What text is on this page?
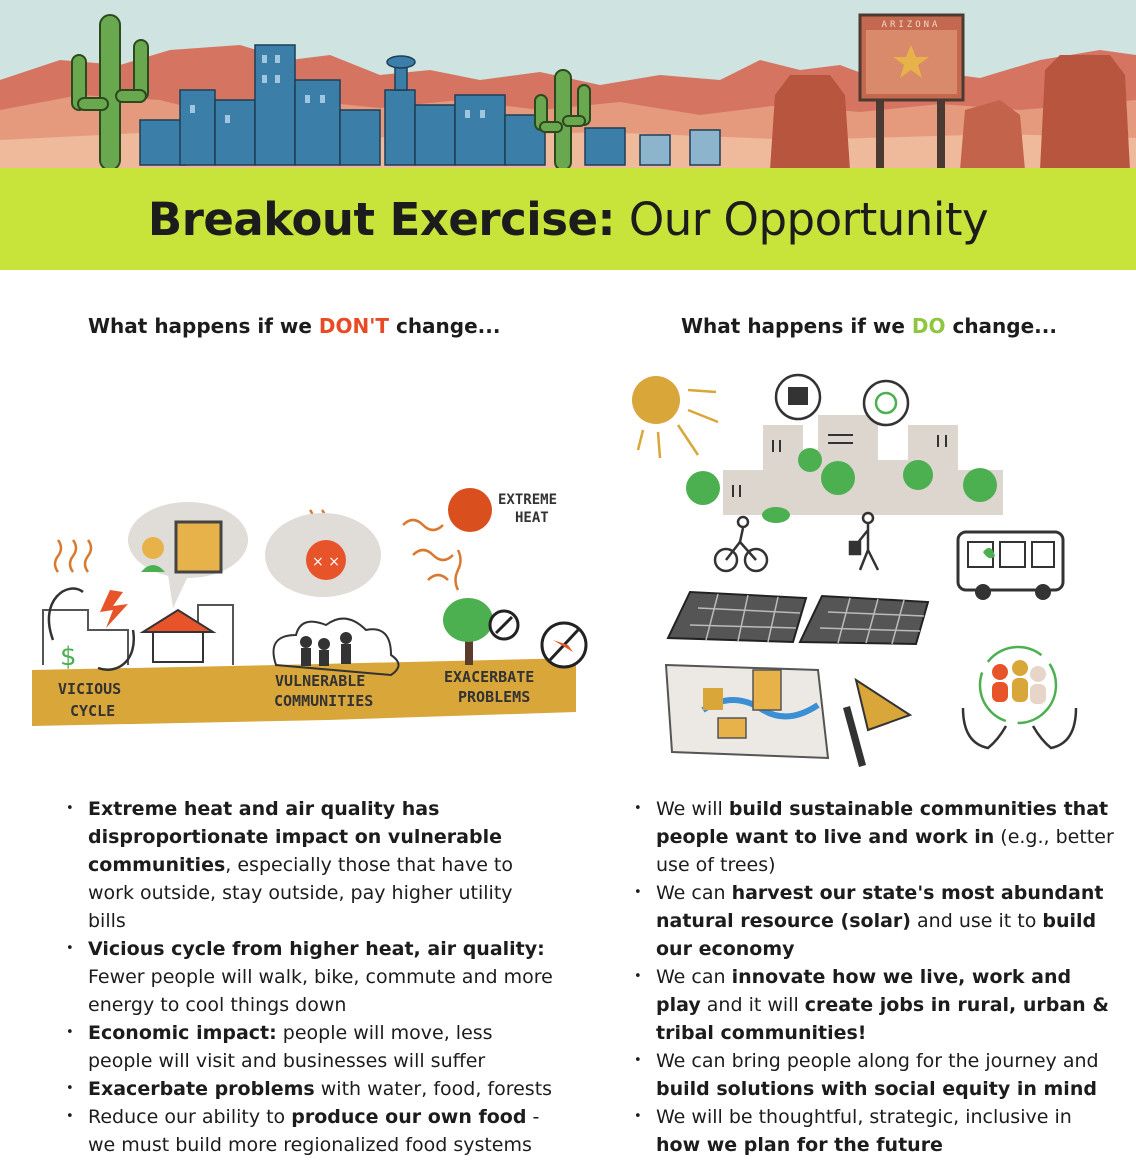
ARIZONA
Breakout Exercise: Our Opportunity
What happens if we DON'T change...	What happens if we DO change...
$
× ×
EXTREME
HEAT
VICIOUS
CYCLE
VULNERABLE
COMMUNITIES
EXACERBATE
PROBLEMS
• Extreme heat and air quality has disproportionate impact on vulnerable communities, especially those that have to work outside, stay outside, pay higher utility bills
• Vicious cycle from higher heat, air quality: Fewer people will walk, bike, commute and more energy to cool things down
• Economic impact: people will move, less people will visit and businesses will suffer
• Exacerbate problems with water, food, forests
• Reduce our ability to produce our own food - we must build more regionalized food systems
• We will build sustainable communities that people want to live and work in (e.g., better use of trees)
• We can harvest our state's most abundant natural resource (solar) and use it to build our economy
• We can innovate how we live, work and play and it will create jobs in rural, urban & tribal communities!
• We can bring people along for the journey and build solutions with social equity in mind
• We will be thoughtful, strategic, inclusive in how we plan for the future
